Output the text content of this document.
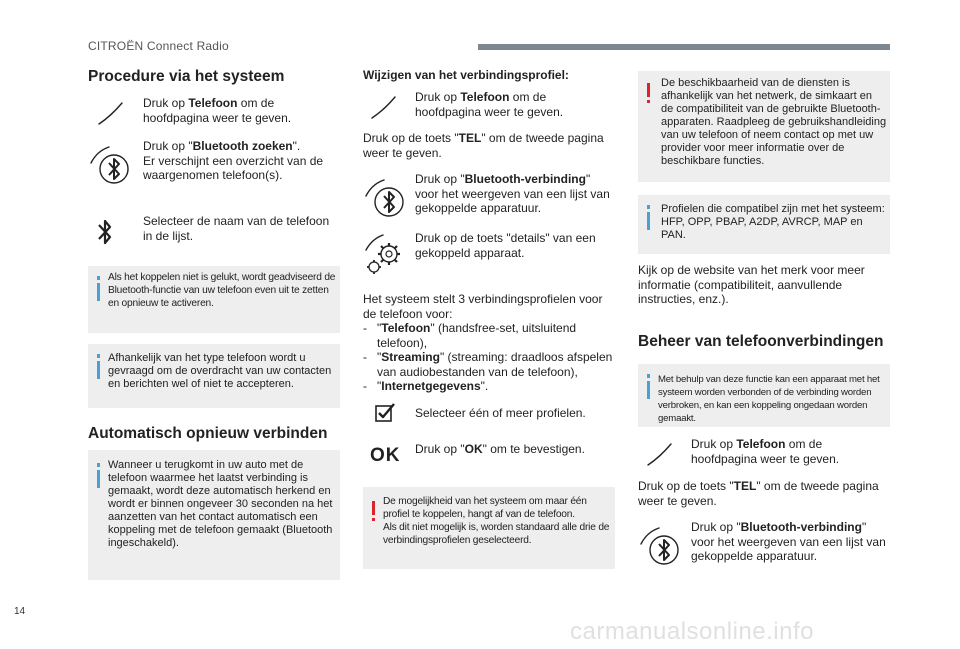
CITROËN Connect Radio
Procedure via het systeem
Druk op Telefoon om de hoofdpagina weer te geven.
Druk op "Bluetooth zoeken".
Er verschijnt een overzicht van de waargenomen telefoon(s).
Selecteer de naam van de telefoon in de lijst.
Als het koppelen niet is gelukt, wordt geadviseerd de Bluetooth-functie van uw telefoon even uit te zetten en opnieuw te activeren.
Afhankelijk van het type telefoon wordt u gevraagd om de overdracht van uw contacten en berichten wel of niet te accepteren.
Automatisch opnieuw verbinden
Wanneer u terugkomt in uw auto met de telefoon waarmee het laatst verbinding is gemaakt, wordt deze automatisch herkend en wordt er binnen ongeveer 30 seconden na het aanzetten van het contact automatisch een koppeling met de telefoon gemaakt (Bluetooth ingeschakeld).
Wijzigen van het verbindingsprofiel:
Druk op Telefoon om de hoofdpagina weer te geven.
Druk op de toets "TEL" om de tweede pagina weer te geven.
Druk op "Bluetooth-verbinding" voor het weergeven van een lijst van gekoppelde apparatuur.
Druk op de toets "details" van een gekoppeld apparaat.
Het systeem stelt 3 verbindingsprofielen voor de telefoon voor:
- "Telefoon" (handsfree-set, uitsluitend telefoon),
- "Streaming" (streaming: draadloos afspelen van audiobestanden van de telefoon),
- "Internetgegevens".
Selecteer één of meer profielen.
OK Druk op "OK" om te bevestigen.
De mogelijkheid van het systeem om maar één profiel te koppelen, hangt af van de telefoon.
Als dit niet mogelijk is, worden standaard alle drie de verbindingsprofielen geselecteerd.
De beschikbaarheid van de diensten is afhankelijk van het netwerk, de simkaart en de compatibiliteit van de gebruikte Bluetooth-apparaten. Raadpleeg de gebruikshandleiding van uw telefoon of neem contact op met uw provider voor meer informatie over de beschikbare functies.
Profielen die compatibel zijn met het systeem: HFP, OPP, PBAP, A2DP, AVRCP, MAP en PAN.
Kijk op de website van het merk voor meer informatie (compatibiliteit, aanvullende instructies, enz.).
Beheer van telefoonverbindingen
Met behulp van deze functie kan een apparaat met het systeem worden verbonden of de verbinding worden verbroken, en kan een koppeling ongedaan worden gemaakt.
Druk op Telefoon om de hoofdpagina weer te geven.
Druk op de toets "TEL" om de tweede pagina weer te geven.
Druk op "Bluetooth-verbinding" voor het weergeven van een lijst van gekoppelde apparatuur.
14
carmanualsonline.info
